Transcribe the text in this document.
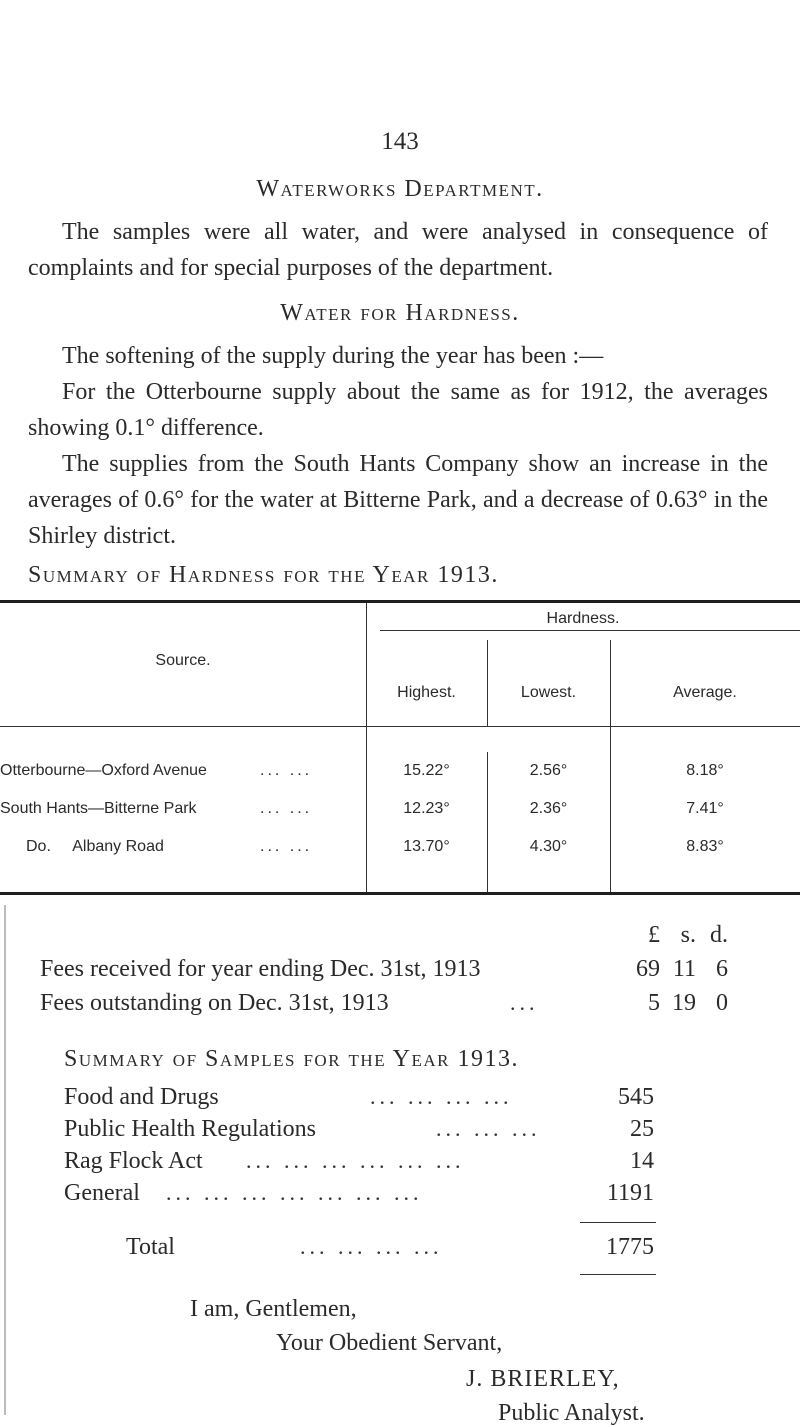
143
Waterworks Department.
The samples were all water, and were analysed in consequence of complaints and for special purposes of the department.
Water for Hardness.
The softening of the supply during the year has been :—
For the Otterbourne supply about the same as for 1912, the averages showing 0.1° difference.
The supplies from the South Hants Company show an increase in the averages of 0.6° for the water at Bitterne Park, and a decrease of 0.63° in the Shirley district.
Summary of Hardness for the Year 1913.
Source.
Hardness.
Highest.	Lowest.	Average.
Otterbourne—Oxford Avenue	... ...	15.22°	2.56°	8.18°
South Hants—Bitterne Park	... ...	12.23°	2.36°	7.41°
Do.     Albany Road	... ...	13.70°	4.30°	8.83°
£ s. d.
Fees received for year ending Dec. 31st, 1913	69 11 6
Fees outstanding on Dec. 31st, 1913	...	5 19 0
Summary of Samples for the Year 1913.
Food and Drugs	... ... ... ...	545
Public Health Regulations	... ... ...	25
Rag Flock Act ... ... ... ... ... ...	14
General ... ... ... ... ... ... ...	1191
Total	... ... ... ...	1775
I am, Gentlemen,
Your Obedient Servant,
J. BRIERLEY,
Public Analyst.
